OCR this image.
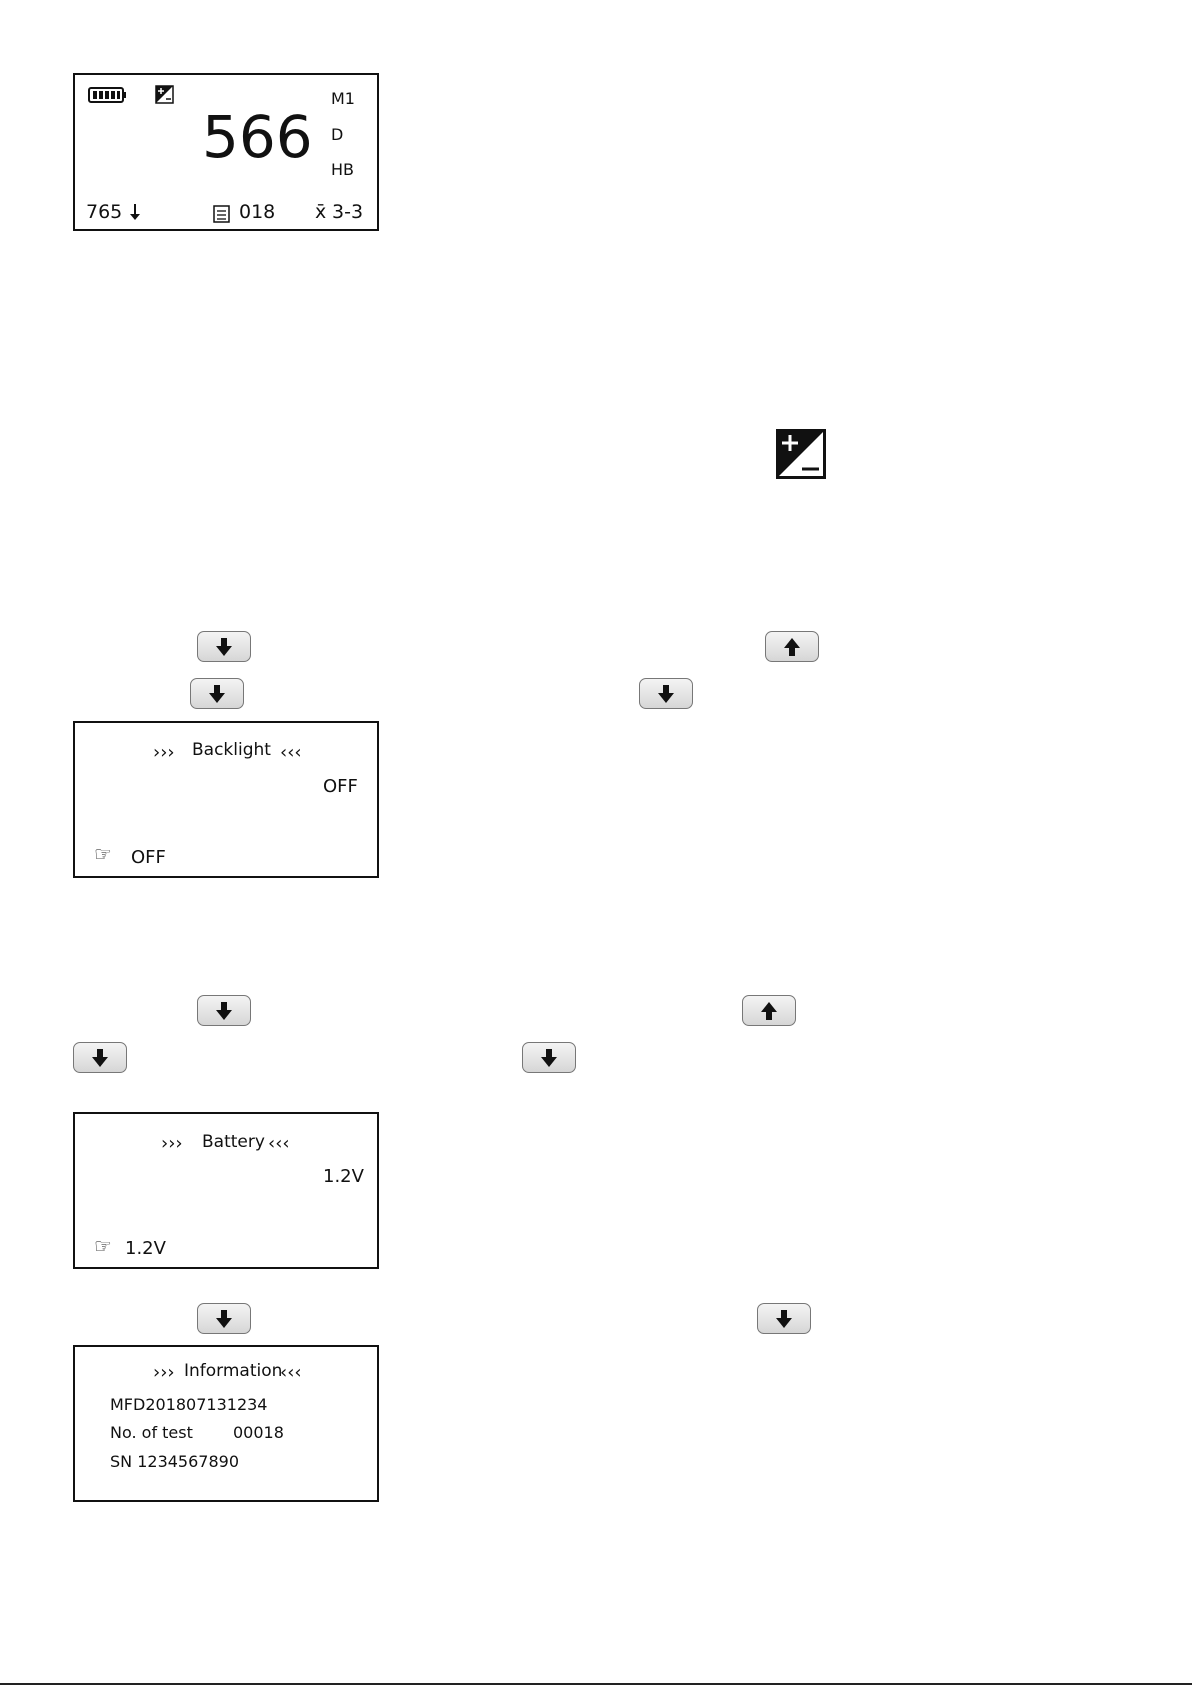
566
M1
D
HB
765	018 x̄ 3-3
››› Backlight ‹‹‹
OFF
☞ OFF
››› Battery ‹‹‹
1.2V
☞ 1.2V
››› Information
‹‹‹
MFD201807131234
No. of test	00018
SN 1234567890
